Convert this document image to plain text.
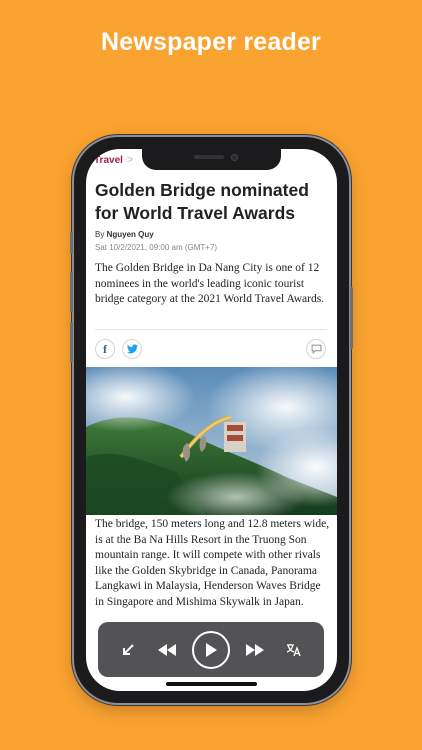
Newspaper reader
Travel >
Golden Bridge nominated for World Travel Awards
By Nguyen Quy
Sat 10/2/2021, 09:00 am (GMT+7)
The Golden Bridge in Da Nang City is one of 12 nominees in the world's leading iconic tourist bridge category at the 2021 World Travel Awards.
f
The bridge, 150 meters long and 12.8 meters wide, is at the Ba Na Hills Resort in the Truong Son mountain range. It will compete with other rivals like the Golden Skybridge in Canada, Panorama Langkawi in Malaysia, Henderson Waves Bridge in Singapore and Mishima Skywalk in Japan.
